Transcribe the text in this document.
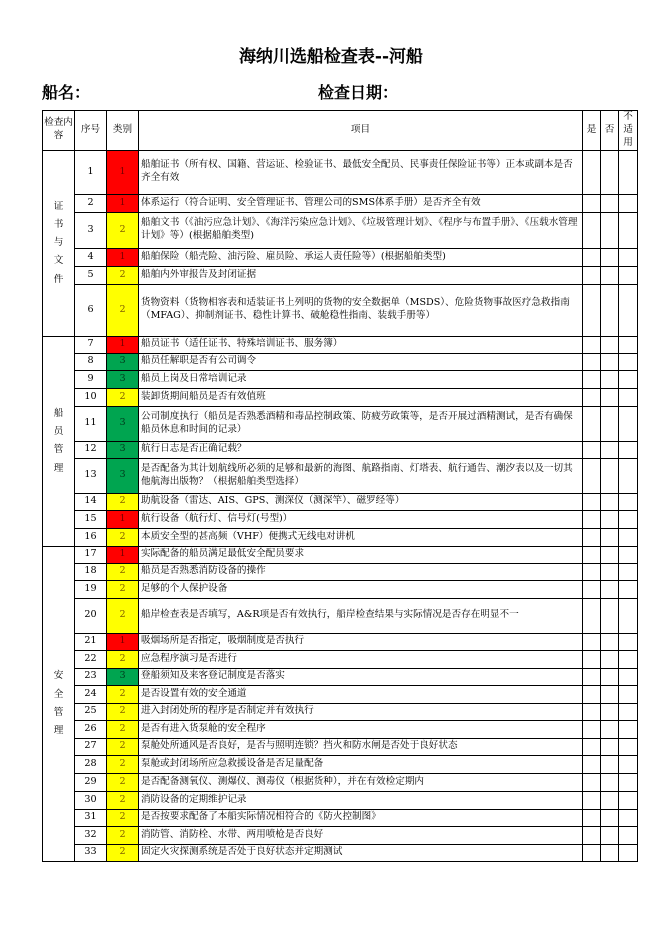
海纳川选船检查表--河船
船名：	检查日期：
检查内容	序号	类别	项目	是	否	不适用
证
书
与
文
件	1	1	船舶证书（所有权、国籍、营运证、检验证书、最低安全配员、民事责任保险证书等）正本或副本是否齐全有效			
	2	1	体系运行（符合证明、安全管理证书、管理公司的SMS体系手册）是否齐全有效			
	3	2	船舶文书（《油污应急计划》、《海洋污染应急计划》、《垃圾管理计划》、《程序与布置手册》、《压载水管理计划》等）(根据船舶类型)			
	4	1	船舶保险（船壳险、油污险、雇员险、承运人责任险等）(根据船舶类型)			
	5	2	船舶内外审报告及封闭证据			
	6	2	货物资料（货物相容表和适装证书上列明的货物的安全数据单（MSDS）、危险货物事故医疗急救指南（MFAG）、抑制剂证书、稳性计算书、破舱稳性指南、装载手册等）			
船
员
管
理	7	1	船员证书（适任证书、特殊培训证书、服务簿）			
	8	3	船员任解职是否有公司调令			
	9	3	船员上岗及日常培训记录			
	10	2	装卸货期间船员是否有效值班			
	11	3	公司制度执行（船员是否熟悉酒精和毒品控制政策、防疲劳政策等，是否开展过酒精测试，是否有确保船员休息和时间的记录）			
	12	3	航行日志是否正确记载？			
	13	3	是否配备为其计划航线所必须的足够和最新的海图、航路指南、灯塔表、航行通告、潮汐表以及一切其他航海出版物？（根据船舶类型选择）			
	14	2	助航设备（雷达、AIS、GPS、测深仪（测深竿）、磁罗经等）			
	15	1	航行设备（航行灯、信号灯(号型)）			
	16	2	本质安全型的甚高频（VHF）便携式无线电对讲机			
安
全
管
理	17	1	实际配备的船员满足最低安全配员要求			
	18	2	船员是否熟悉消防设备的操作			
	19	2	足够的个人保护设备			
	20	2	船岸检查表是否填写，A&R项是否有效执行，船岸检查结果与实际情况是否存在明显不一			
	21	1	吸烟场所是否指定，吸烟制度是否执行			
	22	2	应急程序演习是否进行			
	23	3	登船须知及来客登记制度是否落实			
	24	2	是否设置有效的安全通道			
	25	2	进入封闭处所的程序是否制定并有效执行			
	26	2	是否有进入货泵舱的安全程序			
	27	2	泵舱处所通风是否良好，是否与照明连锁？挡火和防水闸是否处于良好状态			
	28	2	泵舱或封闭场所应急救援设备是否足量配备			
	29	2	是否配备测氧仪、测爆仪、测毒仪（根据货种），并在有效检定期内			
	30	2	消防设备的定期维护记录			
	31	2	是否按要求配备了本船实际情况相符合的《防火控制图》			
	32	2	消防管、消防栓、水带、两用喷枪是否良好			
	33	2	固定火灾探测系统是否处于良好状态并定期测试			
